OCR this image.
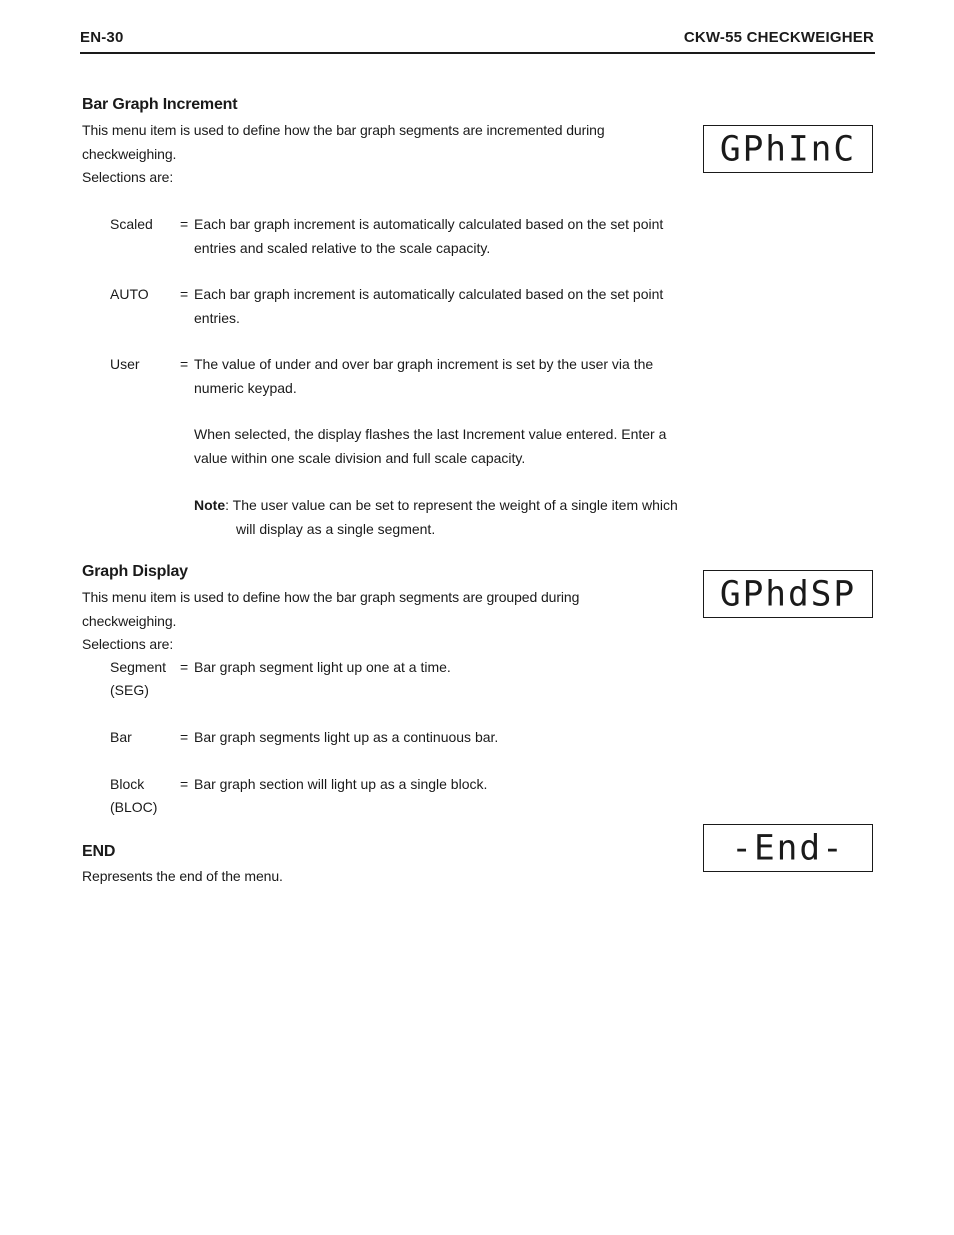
EN-30	CKW-55 CHECKWEIGHER
Bar Graph Increment
This menu item is used to define how the bar graph segments are incremented during
checkweighing.
Selections are:
GPhInC
Scaled = Each bar graph increment is automatically calculated based on the set point
entries and scaled relative to the scale capacity.
AUTO = Each bar graph increment is automatically calculated based on the set point
entries.
User	= The value of under and over bar graph increment is set by the user via the
numeric keypad.
When selected, the display flashes the last Increment value entered. Enter a
value within one scale division and full scale capacity.
Note: The user value can be set to represent the weight of a single item which
will display as a single segment.
Graph Display
This menu item is used to define how the bar graph segments are grouped during
checkweighing.
Selections are:
GPhdSP
Segment
(SEG)
= Bar graph segment light up one at a time.
Bar	= Bar graph segments light up as a continuous bar.
Block
(BLOC)
= Bar graph section will light up as a single block.
END
Represents the end of the menu.
-End-
